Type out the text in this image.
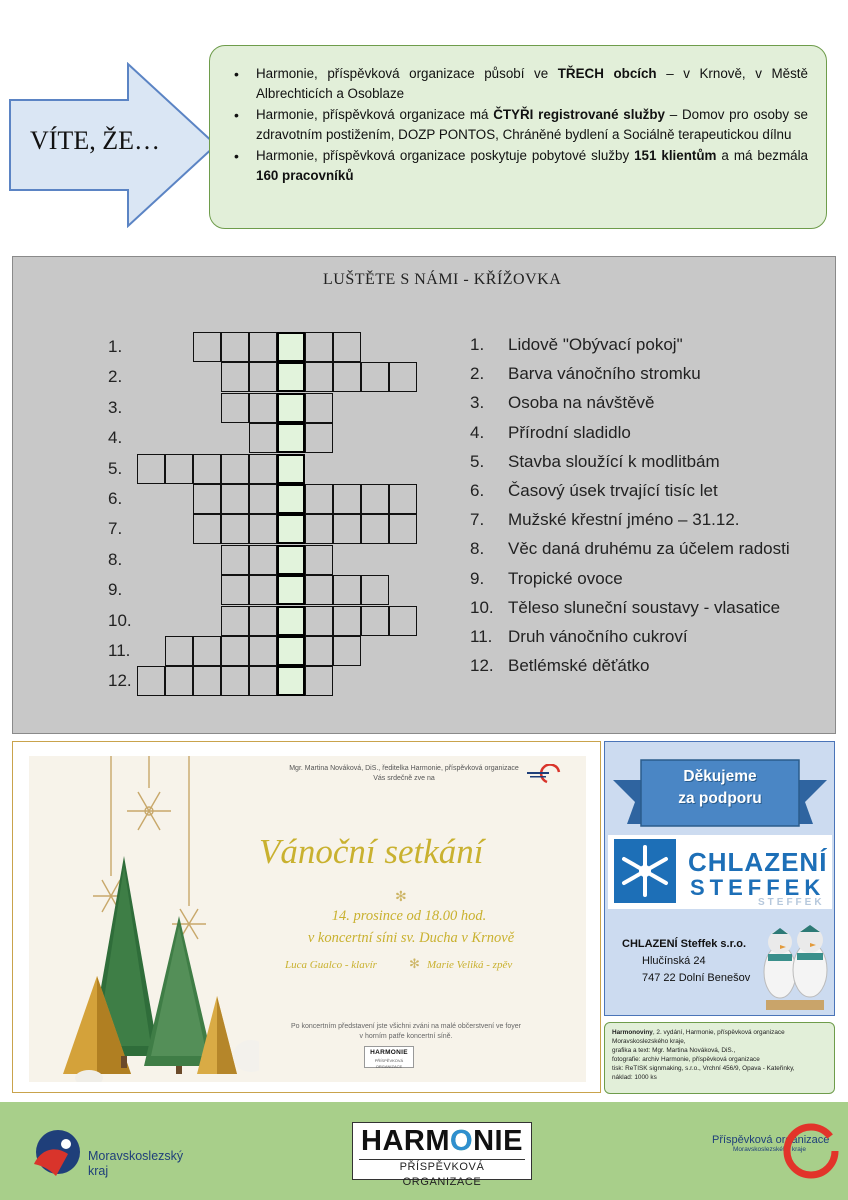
VÍTE, ŽE…
• Harmonie, příspěvková organizace působí ve TŘECH obcích – v Krnově, v Městě Albrechticích a Osoblaze
• Harmonie, příspěvková organizace má ČTYŘI registrované služby – Domov pro osoby se zdravotním postižením, DOZP PONTOS, Chráněné bydlení a Sociálně terapeutickou dílnu
• Harmonie, příspěvková organizace poskytuje pobytové služby 151 klientům a má bezmála 160 pracovníků
LUŠTĚTE S NÁMI - KŘÍŽOVKA
1.
2.
3.
4.
5.
6.
7.
8.
9.
10.
11.
12.
1. Lidově "Obývací pokoj"
2. Barva vánočního stromku
3. Osoba na návštěvě
4. Přírodní sladidlo
5. Stavba sloužící k modlitbám
6. Časový úsek trvající tisíc let
7. Mužské křestní jméno – 31.12.
8. Věc daná druhému za účelem radosti
9. Tropické ovoce
10. Těleso sluneční soustavy - vlasatice
11. Druh vánočního cukroví
12. Betlémské děťátko
Mgr. Martina Nováková, DiS., ředitelka Harmonie, příspěvková organizace
Vás srdečně zve na
Vánoční setkání
✻
14. prosince od 18.00 hod.
v koncertní síni sv. Ducha v Krnově
Luca Gualco - klavír ✻ Marie Veliká - zpěv
Po koncertním představení jste všichni zváni na malé občerstvení ve foyer
v horním patře koncertní síně.
HARMONIE
PŘÍSPĚVKOVÁ ORGANIZACE
Děkujeme
za podporu
CHLAZENÍ
STEFFEK
STEFFEK
CHLAZENÍ Steffek s.r.o.
Hlučínská 24
747 22 Dolní Benešov
Harmonoviny, 2. vydání, Harmonie, příspěvková organizace Moravskoslezského kraje,
grafika a text: Mgr. Martina Nováková, DiS.,
fotografie: archiv Harmonie, příspěvková organizace
tisk: ReTISK signmaking, s.r.o., Vrchní 456/9, Opava - Kateřinky,
náklad: 1000 ks
Moravskoslezský
kraj
HARMONIE
PŘÍSPĚVKOVÁ ORGANIZACE
Příspěvková organizace
Moravskoslezského kraje
